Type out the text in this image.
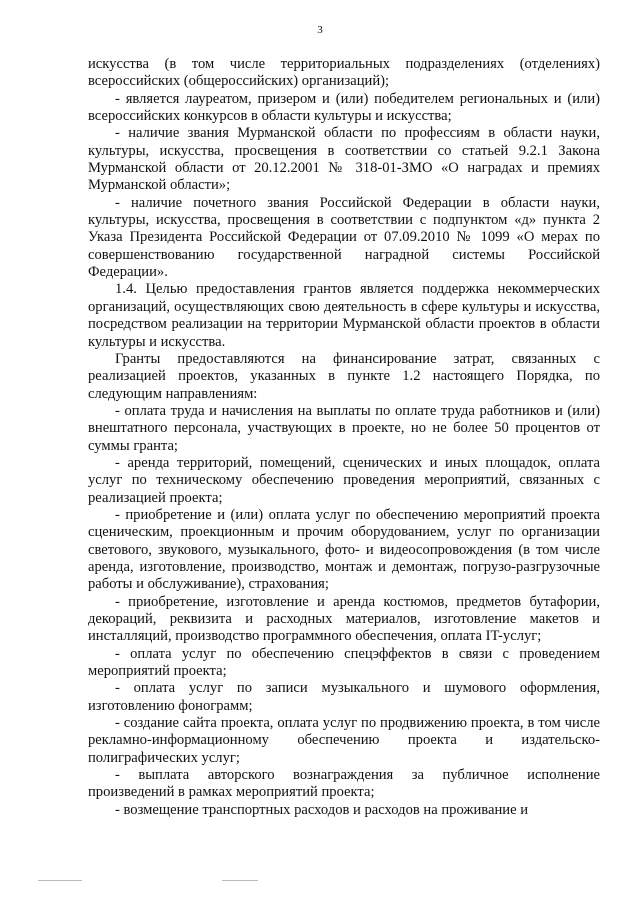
3

искусства (в том числе территориальных подразделениях (отделениях) всероссийских (общероссийских) организаций);

- является лауреатом, призером и (или) победителем региональных и (или) всероссийских конкурсов в области культуры и искусства;

- наличие звания Мурманской области по профессиям в области науки, культуры, искусства, просвещения в соответствии со статьей 9.2.1 Закона Мурманской области от 20.12.2001 № 318-01-ЗМО «О наградах и премиях Мурманской области»;

- наличие почетного звания Российской Федерации в области науки, культуры, искусства, просвещения в соответствии с подпунктом «д» пункта 2 Указа Президента Российской Федерации от 07.09.2010 № 1099 «О мерах по совершенствованию государственной наградной системы Российской Федерации».

1.4. Целью предоставления грантов является поддержка некоммерческих организаций, осуществляющих свою деятельность в сфере культуры и искусства, посредством реализации на территории Мурманской области проектов в области культуры и искусства.

Гранты предоставляются на финансирование затрат, связанных с реализацией проектов, указанных в пункте 1.2 настоящего Порядка, по следующим направлениям:

- оплата труда и начисления на выплаты по оплате труда работников и (или) внештатного персонала, участвующих в проекте, но не более 50 процентов от суммы гранта;

- аренда территорий, помещений, сценических и иных площадок, оплата услуг по техническому обеспечению проведения мероприятий, связанных с реализацией проекта;

- приобретение и (или) оплата услуг по обеспечению мероприятий проекта сценическим, проекционным и прочим оборудованием, услуг по организации светового, звукового, музыкального, фото- и видеосопровождения (в том числе аренда, изготовление, производство, монтаж и демонтаж, погрузо-разгрузочные работы и обслуживание), страхования;

- приобретение, изготовление и аренда костюмов, предметов бутафории, декораций, реквизита и расходных материалов, изготовление макетов и инсталляций, производство программного обеспечения, оплата IT-услуг;

- оплата услуг по обеспечению спецэффектов в связи с проведением мероприятий проекта;

- оплата услуг по записи музыкального и шумового оформления, изготовлению фонограмм;

- создание сайта проекта, оплата услуг по продвижению проекта, в том числе рекламно-информационному обеспечению проекта и издательско-полиграфических услуг;

- выплата авторского вознаграждения за публичное исполнение произведений в рамках мероприятий проекта;

- возмещение транспортных расходов и расходов на проживание и
